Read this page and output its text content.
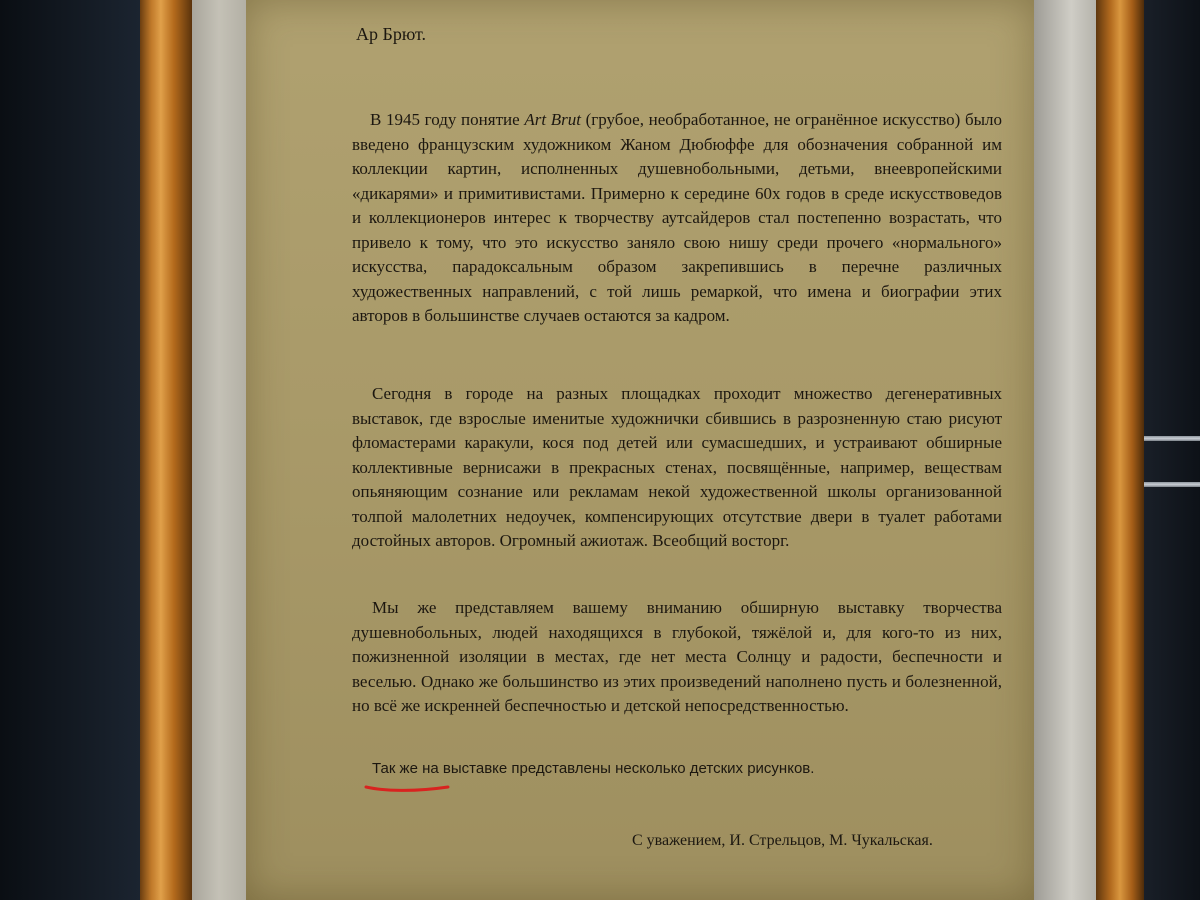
Ар Брют.

В 1945 году понятие Art Brut (грубое, необработанное, не огранённое искусство) было введено французским художником Жаном Дюбюффе для обозначения собранной им коллекции картин, исполненных душевнобольными, детьми, внеевропейскими «дикарями» и примитивистами. Примерно к середине 60х годов в среде искусствоведов и коллекционеров интерес к творчеству аутсайдеров стал постепенно возрастать, что привело к тому, что это искусство заняло свою нишу среди прочего «нормального» искусства, парадоксальным образом закрепившись в перечне различных художественных направлений, с той лишь ремаркой, что имена и биографии этих авторов в большинстве случаев остаются за кадром.

Сегодня в городе на разных площадках проходит множество дегенеративных выставок, где взрослые именитые художнички сбившись в разрозненную стаю рисуют фломастерами каракули, кося под детей или сумасшедших, и устраивают обширные коллективные вернисажи в прекрасных стенах, посвящённые, например, веществам опьяняющим сознание или рекламам некой художественной школы организованной толпой малолетних недоучек, компенсирующих отсутствие двери в туалет работами достойных авторов. Огромный ажиотаж. Всеобщий восторг.

Мы же представляем вашему вниманию обширную выставку творчества душевнобольных, людей находящихся в глубокой, тяжёлой и, для кого-то из них, пожизненной изоляции в местах, где нет места Солнцу и радости, беспечности и веселью. Однако же большинство из этих произведений наполнено пусть и болезненной, но всё же искренней беспечностью и детской непосредственностью.

Так же на выставке представлены несколько детских рисунков.

С уважением, И. Стрельцов, М. Чукальская.
